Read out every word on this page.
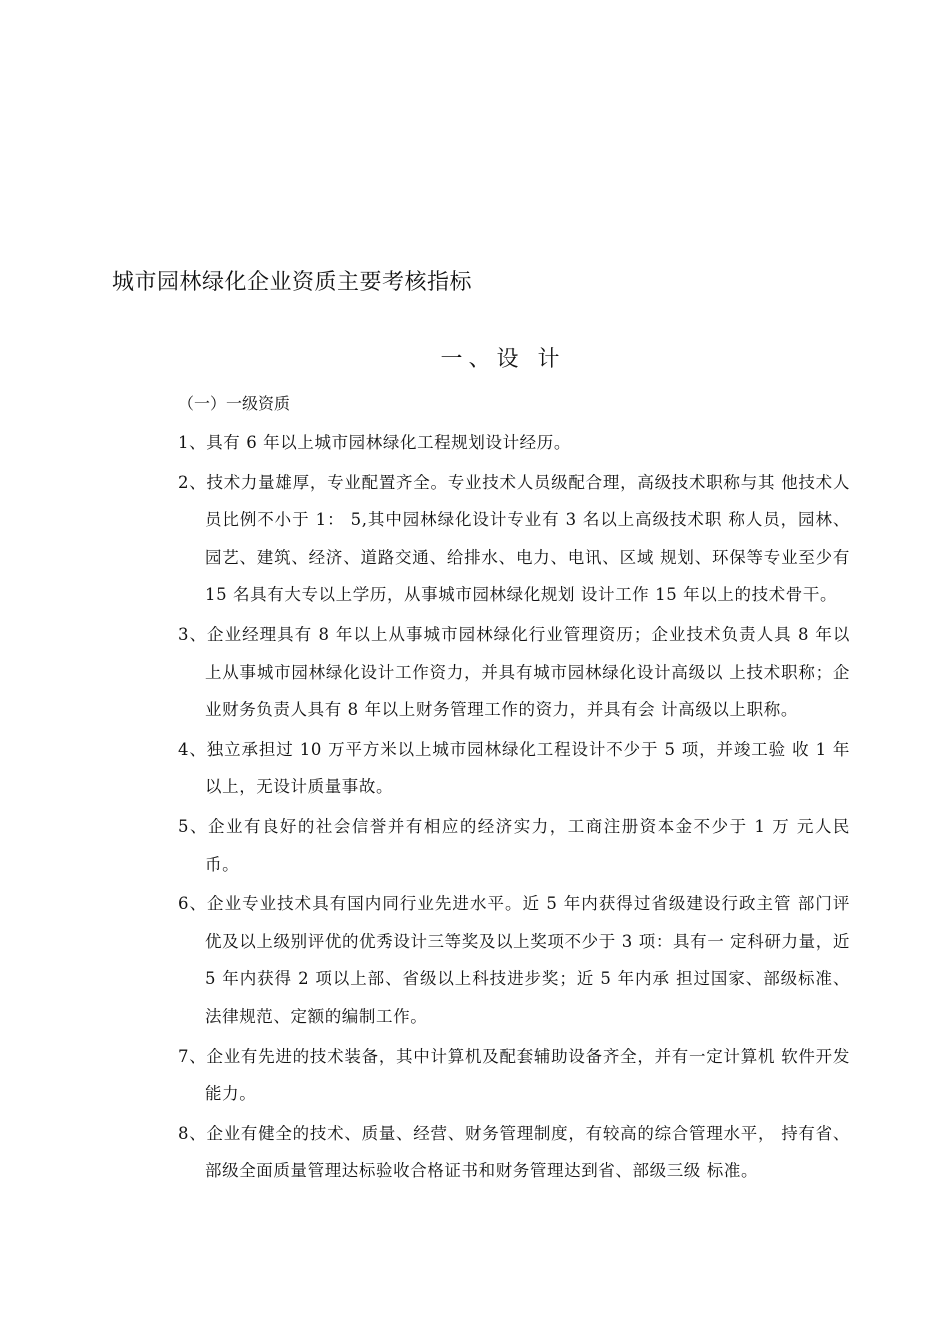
城市园林绿化企业资质主要考核指标
一、设 计
（一）一级资质
1、具有 6 年以上城市园林绿化工程规划设计经历。
2、技术力量雄厚，专业配置齐全。专业技术人员级配合理，高级技术职称与其 他技术人员比例不小于 1： 5,其中园林绿化设计专业有 3 名以上高级技术职 称人员，园林、园艺、建筑、经济、道路交通、给排水、电力、电讯、区域 规划、环保等专业至少有 15 名具有大专以上学历，从事城市园林绿化规划 设计工作 15 年以上的技术骨干。
3、企业经理具有 8 年以上从事城市园林绿化行业管理资历；企业技术负责人具 8 年以上从事城市园林绿化设计工作资力，并具有城市园林绿化设计高级以 上技术职称；企业财务负责人具有 8 年以上财务管理工作的资力，并具有会 计高级以上职称。
4、独立承担过 10 万平方米以上城市园林绿化工程设计不少于 5 项，并竣工验 收 1 年以上，无设计质量事故。
5、企业有良好的社会信誉并有相应的经济实力，工商注册资本金不少于 1 万 元人民币。
6、企业专业技术具有国内同行业先进水平。近 5 年内获得过省级建设行政主管 部门评优及以上级别评优的优秀设计三等奖及以上奖项不少于 3 项：具有一 定科研力量，近 5 年内获得 2 项以上部、省级以上科技进步奖；近 5 年内承 担过国家、部级标准、法律规范、定额的编制工作。
7、企业有先进的技术装备，其中计算机及配套辅助设备齐全，并有一定计算机 软件开发能力。
8、企业有健全的技术、质量、经营、财务管理制度，有较高的综合管理水平， 持有省、部级全面质量管理达标验收合格证书和财务管理达到省、部级三级 标准。
